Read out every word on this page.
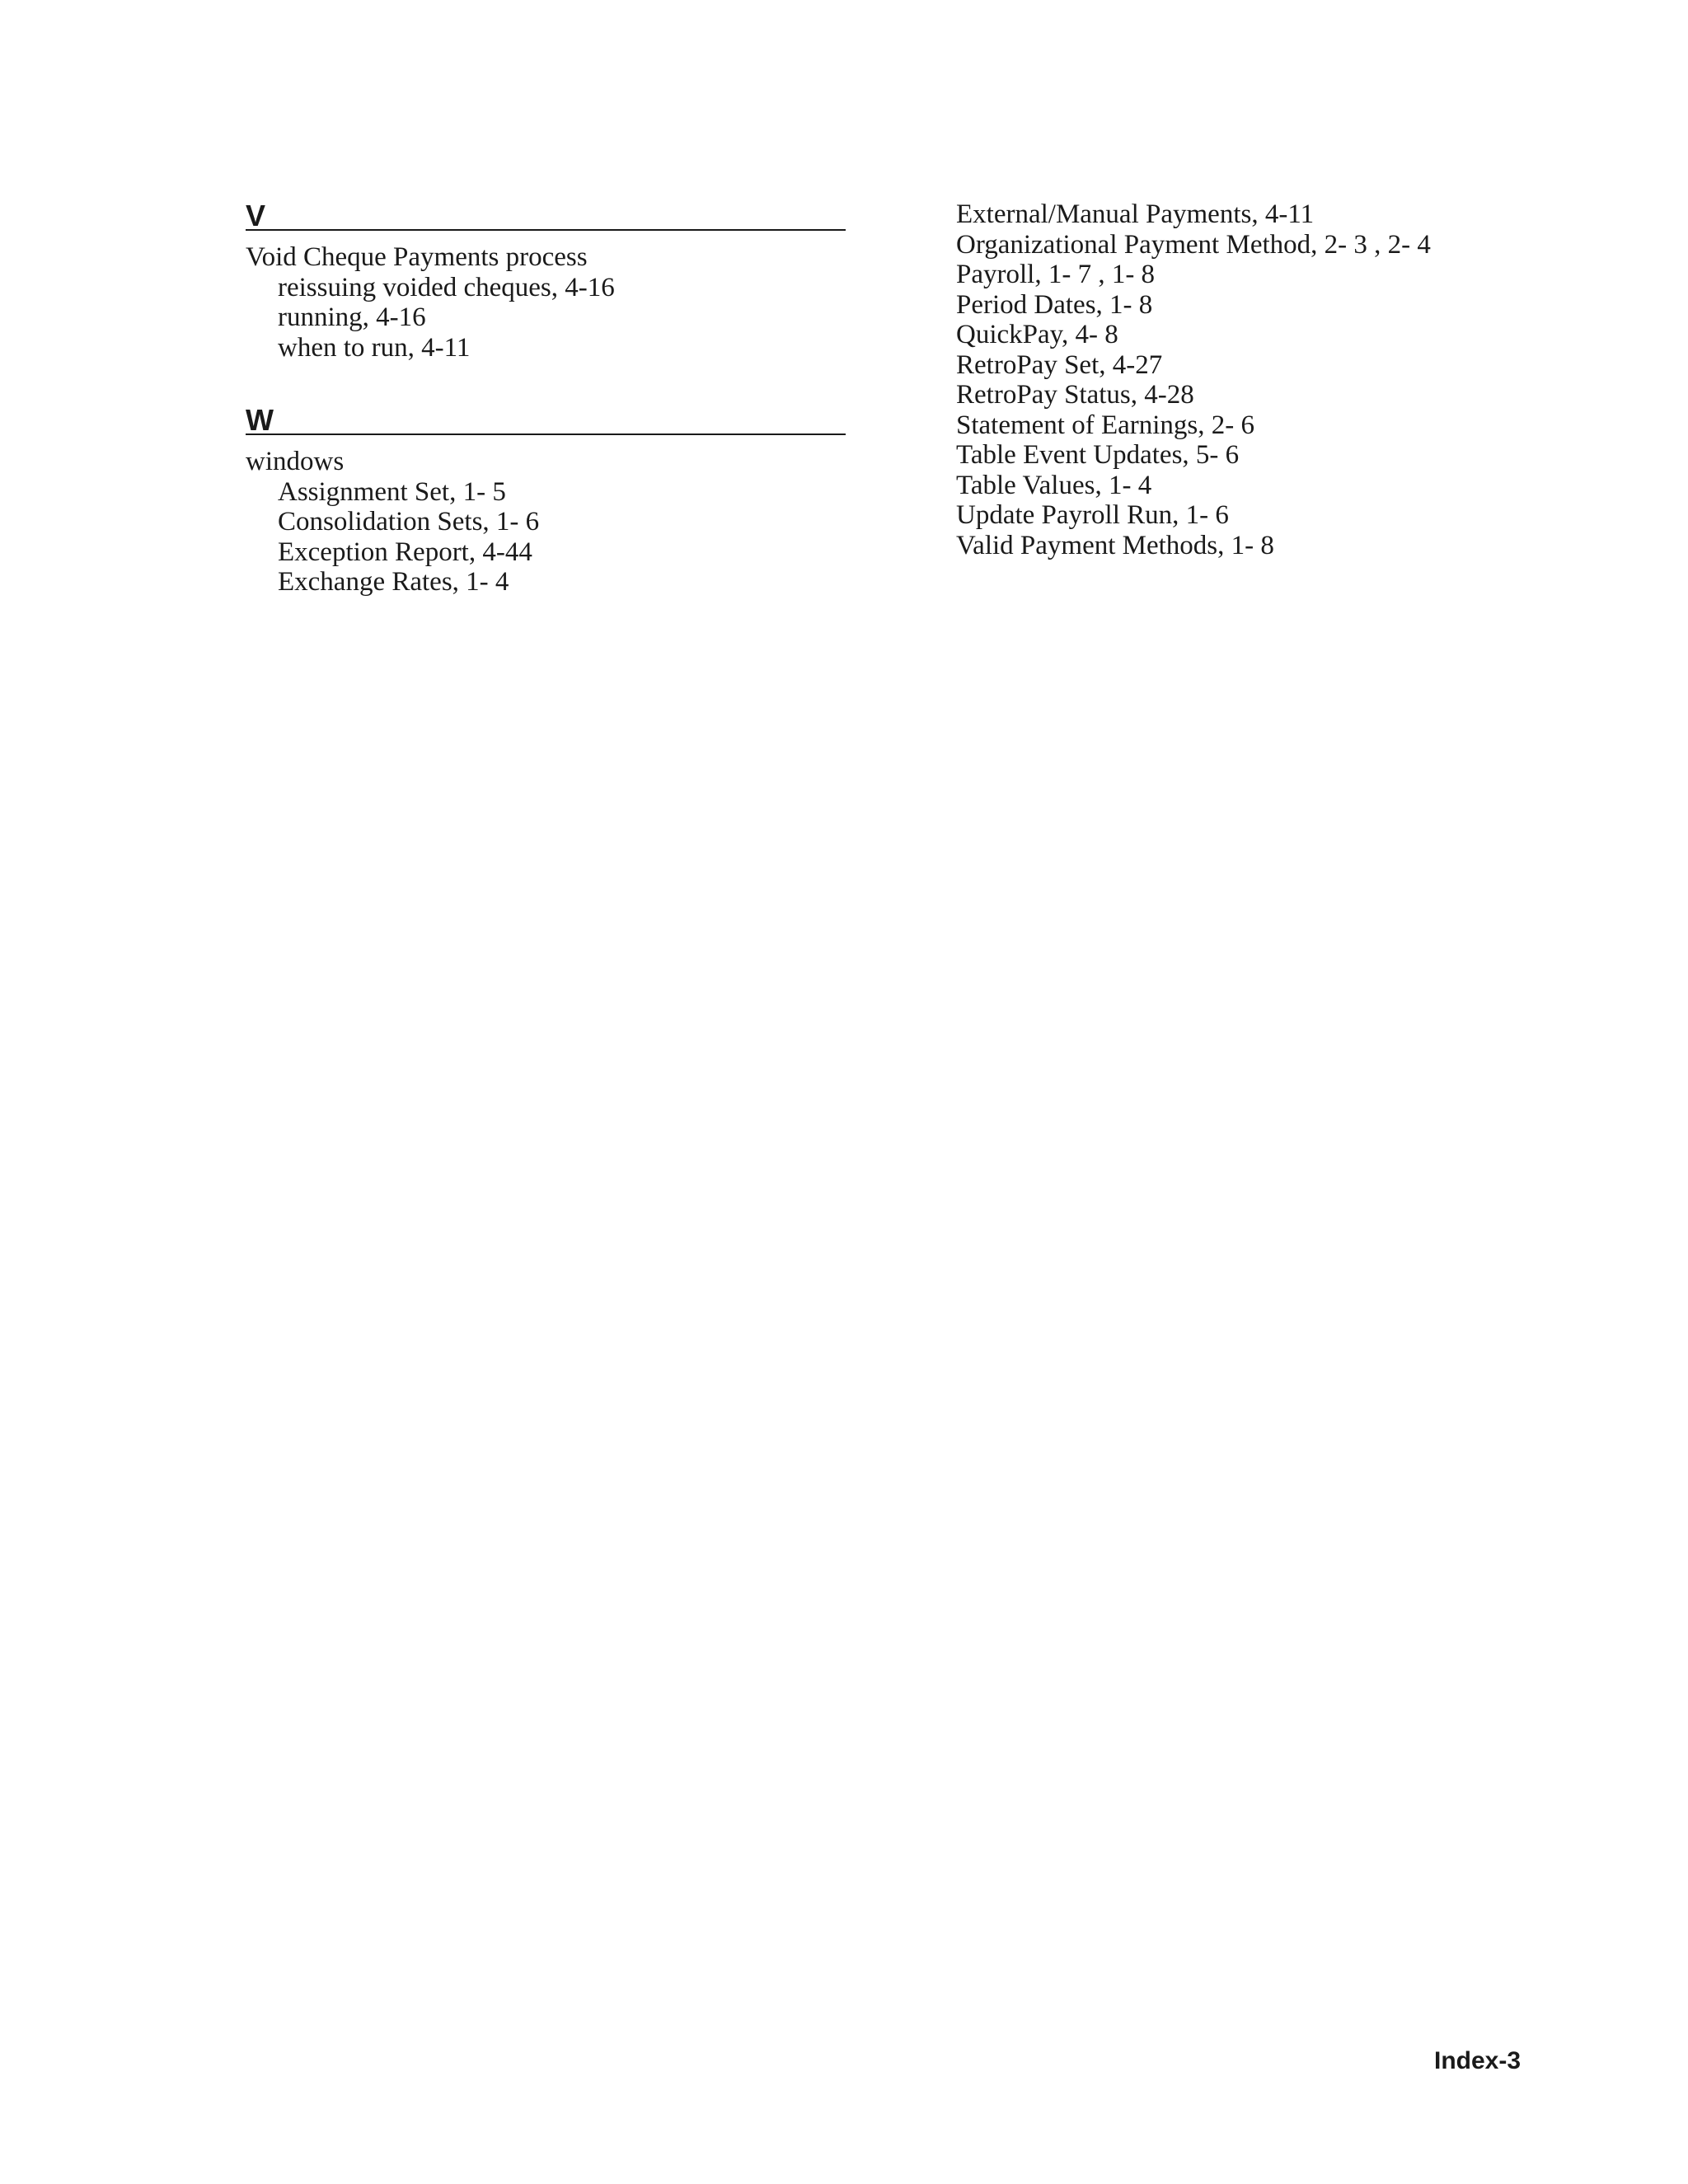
V
Void Cheque Payments process
reissuing voided cheques, 4-16
running, 4-16
when to run, 4-11
W
windows
Assignment Set, 1- 5
Consolidation Sets, 1- 6
Exception Report, 4-44
Exchange Rates, 1- 4
External/Manual Payments, 4-11
Organizational Payment Method, 2- 3 , 2- 4
Payroll, 1- 7 , 1- 8
Period Dates, 1- 8
QuickPay, 4- 8
RetroPay Set, 4-27
RetroPay Status, 4-28
Statement of Earnings, 2- 6
Table Event Updates, 5- 6
Table Values, 1- 4
Update Payroll Run, 1- 6
Valid Payment Methods, 1- 8
Index-3
